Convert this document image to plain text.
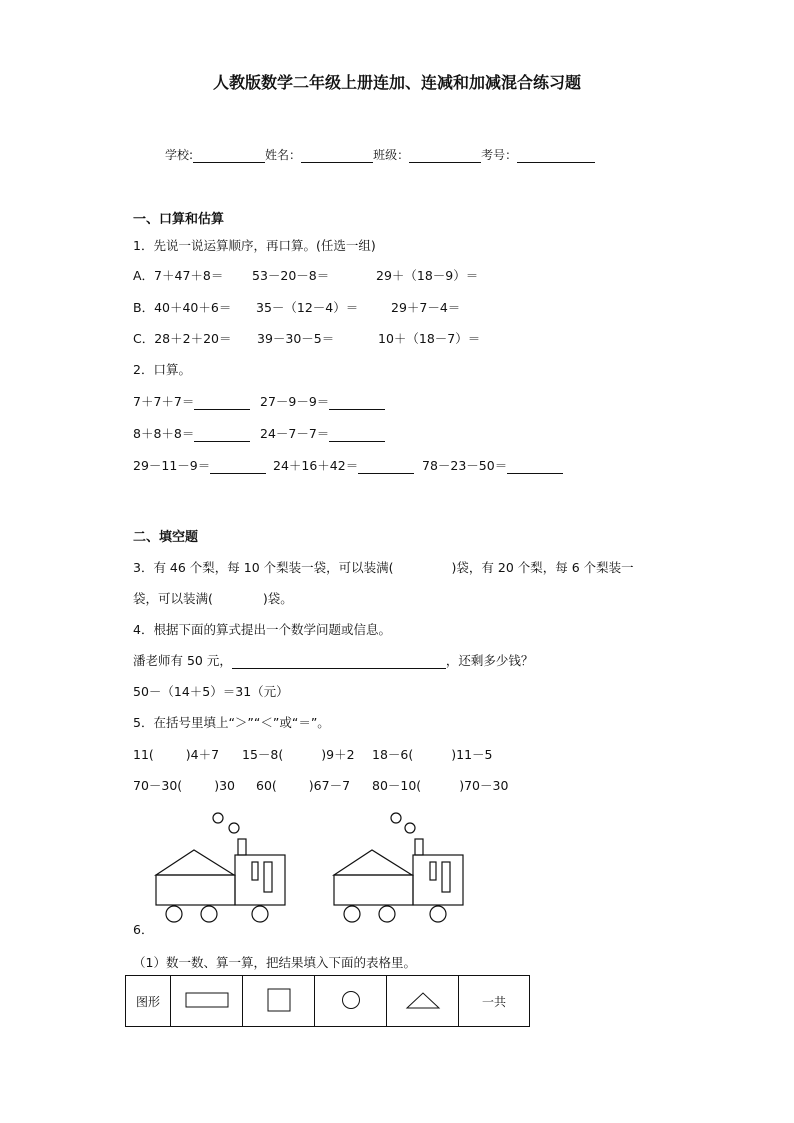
人教版数学二年级上册连加、连减和加减混合练习题
学校:	姓名：	班级：	考号：
一、口算和估算
1．先说一说运算顺序，再口算。(任选一组)
A．7＋47＋8＝ 53－20－8＝	29＋（18－9）＝
B．40＋40＋6＝ 35－（12－4）＝	29＋7－4＝
C．28＋2＋20＝ 39－30－5＝	10＋（18－7）＝
2．口算。
7＋7＋7＝	27－9－9＝
8＋8＋8＝	24－7－7＝
29－11－9＝	24＋16＋42＝	78－23－50＝
二、填空题
3．有 46 个梨，每 10 个梨装一袋，可以装满(	)袋，有 20 个梨，每 6 个梨装一
袋，可以装满(	)袋。
4．根据下面的算式提出一个数学问题或信息。
潘老师有 50 元，	，还剩多少钱？
50－（14＋5）＝31（元）
5．在括号里填上“＞”“＜”或“＝”。
11(	)4＋7 15－8(	)9＋2 18－6(	)11－5
70－30(	)30 60(	)67－7 80－10(	)70－30
6．
（1）数一数、算一算，把结果填入下面的表格里。
图形					一共
